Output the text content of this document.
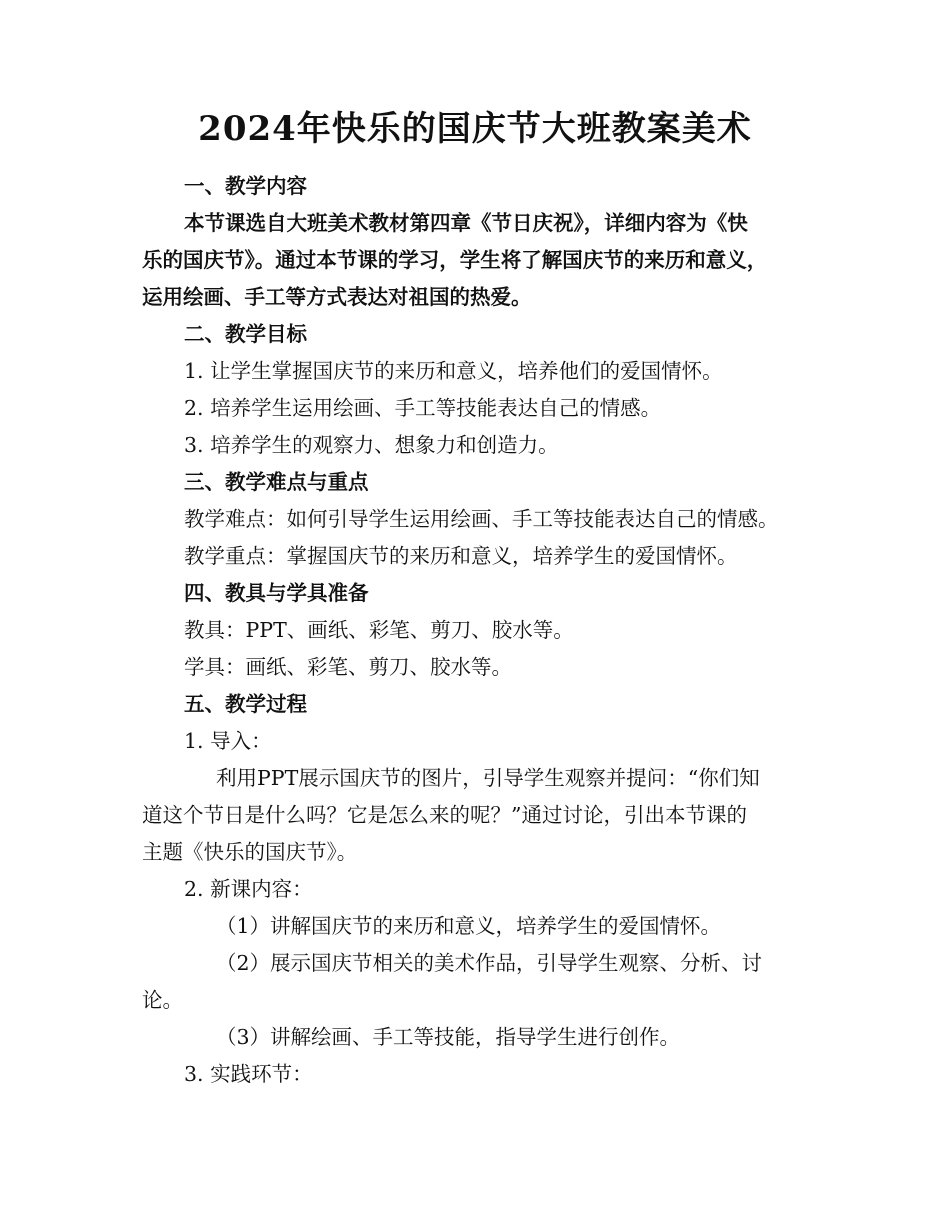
2024年快乐的国庆节大班教案美术
一、教学内容
本节课选自大班美术教材第四章《节日庆祝》，详细内容为《快
乐的国庆节》。通过本节课的学习，学生将了解国庆节的来历和意义，
运用绘画、手工等方式表达对祖国的热爱。
二、教学目标
1. 让学生掌握国庆节的来历和意义，培养他们的爱国情怀。
2. 培养学生运用绘画、手工等技能表达自己的情感。
3. 培养学生的观察力、想象力和创造力。
三、教学难点与重点
教学难点：如何引导学生运用绘画、手工等技能表达自己的情感。
教学重点：掌握国庆节的来历和意义，培养学生的爱国情怀。
四、教具与学具准备
教具：PPT、画纸、彩笔、剪刀、胶水等。
学具：画纸、彩笔、剪刀、胶水等。
五、教学过程
1. 导入：
利用PPT展示国庆节的图片，引导学生观察并提问：“你们知
道这个节日是什么吗？它是怎么来的呢？”通过讨论，引出本节课的
主题《快乐的国庆节》。
2. 新课内容：
（1）讲解国庆节的来历和意义，培养学生的爱国情怀。
（2）展示国庆节相关的美术作品，引导学生观察、分析、讨
论。
（3）讲解绘画、手工等技能，指导学生进行创作。
3. 实践环节：
